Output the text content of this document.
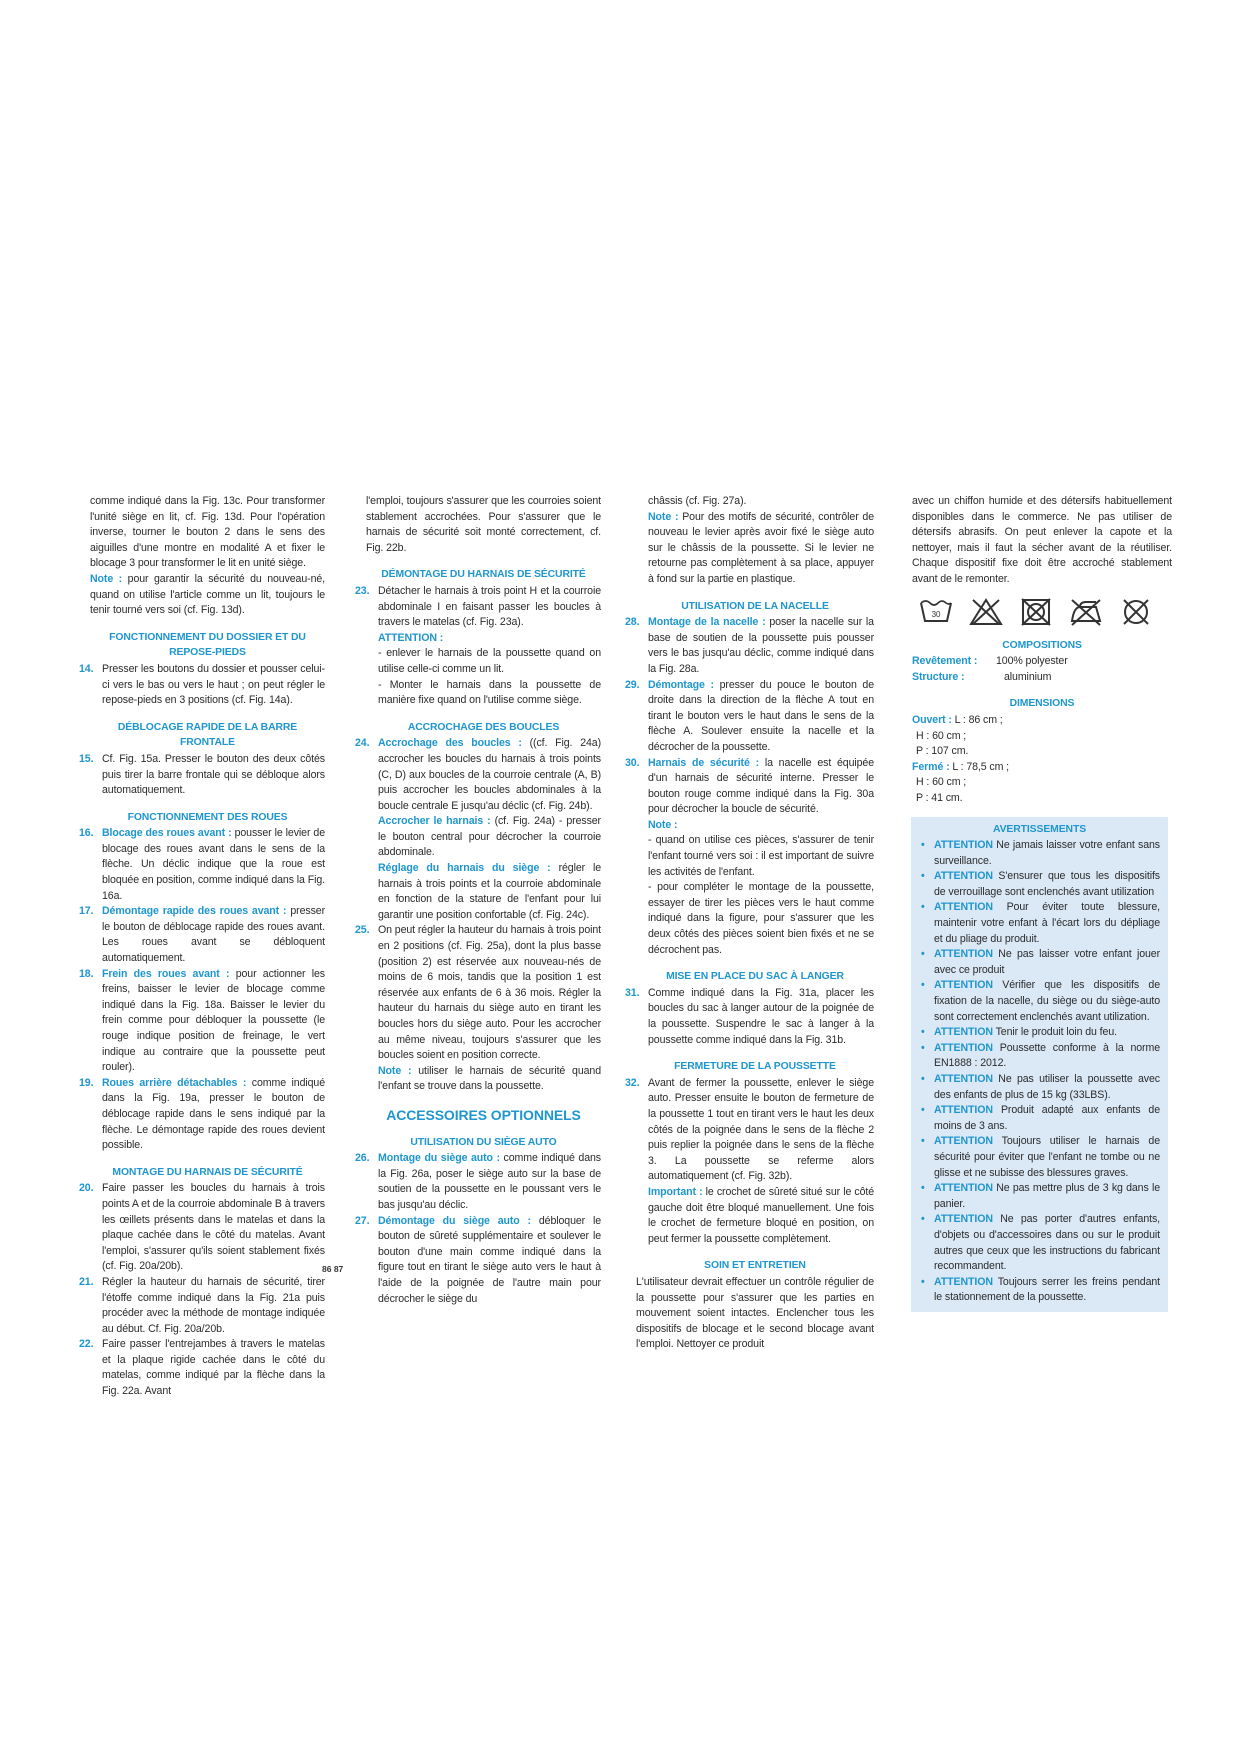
comme indiqué dans la Fig. 13c. Pour transformer l'unité siège en lit, cf. Fig. 13d. Pour l'opération inverse, tourner le bouton 2 dans le sens des aiguilles d'une montre en modalité A et fixer le blocage 3 pour transformer le lit en unité siège.

Note : pour garantir la sécurité du nouveau-né, quand on utilise l'article comme un lit, toujours le tenir tourné vers soi (cf. Fig. 13d).

FONCTIONNEMENT DU DOSSIER ET DU REPOSE-PIEDS
14. Presser les boutons du dossier et pousser celui-ci vers le bas ou vers le haut ; on peut régler le repose-pieds en 3 positions (cf. Fig. 14a).
DÉBLOCAGE RAPIDE DE LA BARRE FRONTALE
15. Cf. Fig. 15a. Presser le bouton des deux côtés puis tirer la barre frontale qui se débloque alors automatiquement.
FONCTIONNEMENT DES ROUES
16. Blocage des roues avant : pousser le levier de blocage des roues avant dans le sens de la flèche. Un déclic indique que la roue est bloquée en position, comme indiqué dans la Fig. 16a.
17. Démontage rapide des roues avant : presser le bouton de déblocage rapide des roues avant. Les roues avant se débloquent automatiquement.
18. Frein des roues avant : pour actionner les freins, baisser le levier de blocage comme indiqué dans la Fig. 18a. Baisser le levier du frein comme pour débloquer la poussette (le rouge indique position de freinage, le vert indique au contraire que la poussette peut rouler).
19. Roues arrière détachables : comme indiqué dans la Fig. 19a, presser le bouton de déblocage rapide dans le sens indiqué par la flèche. Le démontage rapide des roues devient possible.
MONTAGE DU HARNAIS DE SÉCURITÉ
20. Faire passer les boucles du harnais à trois points A et de la courroie abdominale B à travers les œillets présents dans le matelas et dans la plaque cachée dans le côté du matelas. Avant l'emploi, s'assurer qu'ils soient stablement fixés (cf. Fig. 20a/20b).
21. Régler la hauteur du harnais de sécurité, tirer l'étoffe comme indiqué dans la Fig. 21a puis procéder avec la méthode de montage indiquée au début. Cf. Fig. 20a/20b.
22. Faire passer l'entrejambes à travers le matelas et la plaque rigide cachée dans le côté du matelas, comme indiqué par la flèche dans la Fig. 22a. Avant
86 87

l'emploi, toujours s'assurer que les courroies soient stablement accrochées. Pour s'assurer que le harnais de sécurité soit monté correctement, cf. Fig. 22b.

DÉMONTAGE DU HARNAIS DE SÉCURITÉ
23. Détacher le harnais à trois point H et la courroie abdominale I en faisant passer les boucles à travers le matelas (cf. Fig. 23a).
ATTENTION :
- enlever le harnais de la poussette quand on utilise celle-ci comme un lit.
- Monter le harnais dans la poussette de manière fixe quand on l'utilise comme siège.
ACCROCHAGE DES BOUCLES
24. Accrochage des boucles : ((cf. Fig. 24a) accrocher les boucles du harnais à trois points (C, D) aux boucles de la courroie centrale (A, B) puis accrocher les boucles abdominales à la boucle centrale E jusqu'au déclic (cf. Fig. 24b).
Accrocher le harnais : (cf. Fig. 24a) - presser le bouton central pour décrocher la courroie abdominale.
Réglage du harnais du siège : régler le harnais à trois points et la courroie abdominale en fonction de la stature de l'enfant pour lui garantir une position confortable (cf. Fig. 24c).
25. On peut régler la hauteur du harnais à trois point en 2 positions (cf. Fig. 25a), dont la plus basse (position 2) est réservée aux nouveau-nés de moins de 6 mois, tandis que la position 1 est réservée aux enfants de 6 à 36 mois. Régler la hauteur du harnais du siège auto en tirant les boucles hors du siège auto. Pour les accrocher au même niveau, toujours s'assurer que les boucles soient en position correcte.
Note : utiliser le harnais de sécurité quand l'enfant se trouve dans la poussette.
ACCESSOIRES OPTIONNELS
UTILISATION DU SIÈGE AUTO
26. Montage du siège auto : comme indiqué dans la Fig. 26a, poser le siège auto sur la base de soutien de la poussette en le poussant vers le bas jusqu'au déclic.
27. Démontage du siège auto : débloquer le bouton de sûreté supplémentaire et soulever le bouton d'une main comme indiqué dans la figure tout en tirant le siège auto vers le haut à l'aide de la poignée de l'autre main pour décrocher le siège du
châssis (cf. Fig. 27a).
Note : Pour des motifs de sécurité, contrôler de nouveau le levier après avoir fixé le siège auto sur le châssis de la poussette. Si le levier ne retourne pas complètement à sa place, appuyer à fond sur la partie en plastique.
UTILISATION DE LA NACELLE
28. Montage de la nacelle : poser la nacelle sur la base de soutien de la poussette puis pousser vers le bas jusqu'au déclic, comme indiqué dans la Fig. 28a.
29. Démontage : presser du pouce le bouton de droite dans la direction de la flèche A tout en tirant le bouton vers le haut dans le sens de la flèche A. Soulever ensuite la nacelle et la décrocher de la poussette.
30. Harnais de sécurité : la nacelle est équipée d'un harnais de sécurité interne. Presser le bouton rouge comme indiqué dans la Fig. 30a pour décrocher la boucle de sécurité.
Note :
- quand on utilise ces pièces, s'assurer de tenir l'enfant tourné vers soi : il est important de suivre les activités de l'enfant.
- pour compléter le montage de la poussette, essayer de tirer les pièces vers le haut comme indiqué dans la figure, pour s'assurer que les deux côtés des pièces soient bien fixés et ne se décrochent pas.
MISE EN PLACE DU SAC À LANGER
31. Comme indiqué dans la Fig. 31a, placer les boucles du sac à langer autour de la poignée de la poussette. Suspendre le sac à langer à la poussette comme indiqué dans la Fig. 31b.
FERMETURE DE LA POUSSETTE
32. Avant de fermer la poussette, enlever le siège auto. Presser ensuite le bouton de fermeture de la poussette 1 tout en tirant vers le haut les deux côtés de la poignée dans le sens de la flèche 2 puis replier la poignée dans le sens de la flèche 3. La poussette se referme alors automatiquement (cf. Fig. 32b).
Important : le crochet de sûreté situé sur le côté gauche doit être bloqué manuellement. Une fois le crochet de fermeture bloqué en position, on peut fermer la poussette complètement.
SOIN ET ENTRETIEN

L'utilisateur devrait effectuer un contrôle régulier de la poussette pour s'assurer que les parties en mouvement soient intactes. Enclencher tous les dispositifs de blocage et le second blocage avant l'emploi. Nettoyer ce produit

avec un chiffon humide et des détersifs habituellement disponibles dans le commerce. Ne pas utiliser de détersifs abrasifs. On peut enlever la capote et la nettoyer, mais il faut la sécher avant de la réutiliser. Chaque dispositif fixe doit être accroché stablement avant de le remonter.

30
COMPOSITIONS
Revêtement :	100% polyester
Structure :	aluminium
DIMENSIONS
Ouvert : L : 86 cm ;
H : 60 cm ;
P : 107 cm.
Fermé : L : 78,5 cm ;
H : 60 cm ;
P : 41 cm.
AVERTISSEMENTS
• ATTENTION Ne jamais laisser votre enfant sans surveillance.
• ATTENTION S'ensurer que tous les dispositifs de verrouillage sont enclenchés avant utilization
• ATTENTION Pour éviter toute blessure, maintenir votre enfant à l'écart lors du dépliage et du pliage du produit.
• ATTENTION Ne pas laisser votre enfant jouer avec ce produit
• ATTENTION Vérifier que les dispositifs de fixation de la nacelle, du siège ou du siège-auto sont correctement enclenchés avant utilization.
• ATTENTION Tenir le produit loin du feu.
• ATTENTION Poussette conforme à la norme EN1888 : 2012.
• ATTENTION Ne pas utiliser la poussette avec des enfants de plus de 15 kg (33LBS).
• ATTENTION Produit adapté aux enfants de moins de 3 ans.
• ATTENTION Toujours utiliser le harnais de sécurité pour éviter que l'enfant ne tombe ou ne glisse et ne subisse des blessures graves.
• ATTENTION Ne pas mettre plus de 3 kg dans le panier.
• ATTENTION Ne pas porter d'autres enfants, d'objets ou d'accessoires dans ou sur le produit autres que ceux que les instructions du fabricant recommandent.
• ATTENTION Toujours serrer les freins pendant le stationnement de la poussette.
